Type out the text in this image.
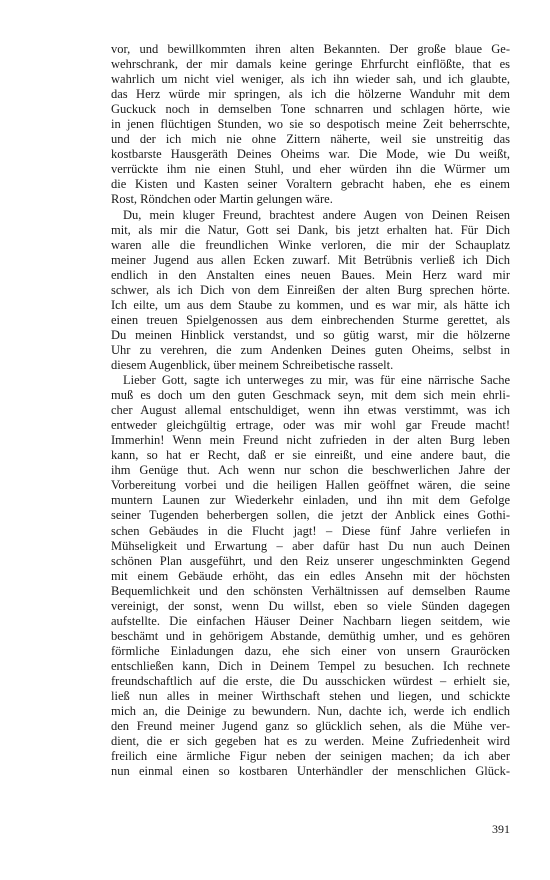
vor, und bewillkommten ihren alten Bekannten. Der große blaue Ge-
wehrschrank, der mir damals keine geringe Ehrfurcht einflößte, that es
wahrlich um nicht viel weniger, als ich ihn wieder sah, und ich glaubte,
das Herz würde mir springen, als ich die hölzerne Wanduhr mit dem
Guckuck noch in demselben Tone schnarren und schlagen hörte, wie
in jenen flüchtigen Stunden, wo sie so despotisch meine Zeit beherrschte,
und der ich mich nie ohne Zittern näherte, weil sie unstreitig das
kostbarste Hausgeräth Deines Oheims war. Die Mode, wie Du weißt,
verrückte ihm nie einen Stuhl, und eher würden ihn die Würmer um
die Kisten und Kasten seiner Voraltern gebracht haben, ehe es einem
Rost, Röndchen oder Martin gelungen wäre.
Du, mein kluger Freund, brachtest andere Augen von Deinen Reisen
mit, als mir die Natur, Gott sei Dank, bis jetzt erhalten hat. Für Dich
waren alle die freundlichen Winke verloren, die mir der Schauplatz
meiner Jugend aus allen Ecken zuwarf. Mit Betrübnis verließ ich Dich
endlich in den Anstalten eines neuen Baues. Mein Herz ward mir
schwer, als ich Dich von dem Einreißen der alten Burg sprechen hörte.
Ich eilte, um aus dem Staube zu kommen, und es war mir, als hätte ich
einen treuen Spielgenossen aus dem einbrechenden Sturme gerettet, als
Du meinen Hinblick verstandst, und so gütig warst, mir die hölzerne
Uhr zu verehren, die zum Andenken Deines guten Oheims, selbst in
diesem Augenblick, über meinem Schreibetische rasselt.
Lieber Gott, sagte ich unterweges zu mir, was für eine närrische Sache
muß es doch um den guten Geschmack seyn, mit dem sich mein ehrli-
cher August allemal entschuldiget, wenn ihn etwas verstimmt, was ich
entweder gleichgültig ertrage, oder was mir wohl gar Freude macht!
Immerhin! Wenn mein Freund nicht zufrieden in der alten Burg leben
kann, so hat er Recht, daß er sie einreißt, und eine andere baut, die
ihm Genüge thut. Ach wenn nur schon die beschwerlichen Jahre der
Vorbereitung vorbei und die heiligen Hallen geöffnet wären, die seine
muntern Launen zur Wiederkehr einladen, und ihn mit dem Gefolge
seiner Tugenden beherbergen sollen, die jetzt der Anblick eines Gothi-
schen Gebäudes in die Flucht jagt! – Diese fünf Jahre verliefen in
Mühseligkeit und Erwartung – aber dafür hast Du nun auch Deinen
schönen Plan ausgeführt, und den Reiz unserer ungeschminkten Gegend
mit einem Gebäude erhöht, das ein edles Ansehn mit der höchsten
Bequemlichkeit und den schönsten Verhältnissen auf demselben Raume
vereinigt, der sonst, wenn Du willst, eben so viele Sünden dagegen
aufstellte. Die einfachen Häuser Deiner Nachbarn liegen seitdem, wie
beschämt und in gehörigem Abstande, demüthig umher, und es gehören
förmliche Einladungen dazu, ehe sich einer von unsern Grauröcken
entschließen kann, Dich in Deinem Tempel zu besuchen. Ich rechnete
freundschaftlich auf die erste, die Du ausschicken würdest – erhielt sie,
ließ nun alles in meiner Wirthschaft stehen und liegen, und schickte
mich an, die Deinige zu bewundern. Nun, dachte ich, werde ich endlich
den Freund meiner Jugend ganz so glücklich sehen, als die Mühe ver-
dient, die er sich gegeben hat es zu werden. Meine Zufriedenheit wird
freilich eine ärmliche Figur neben der seinigen machen; da ich aber
nun einmal einen so kostbaren Unterhändler der menschlichen Glück-
391
